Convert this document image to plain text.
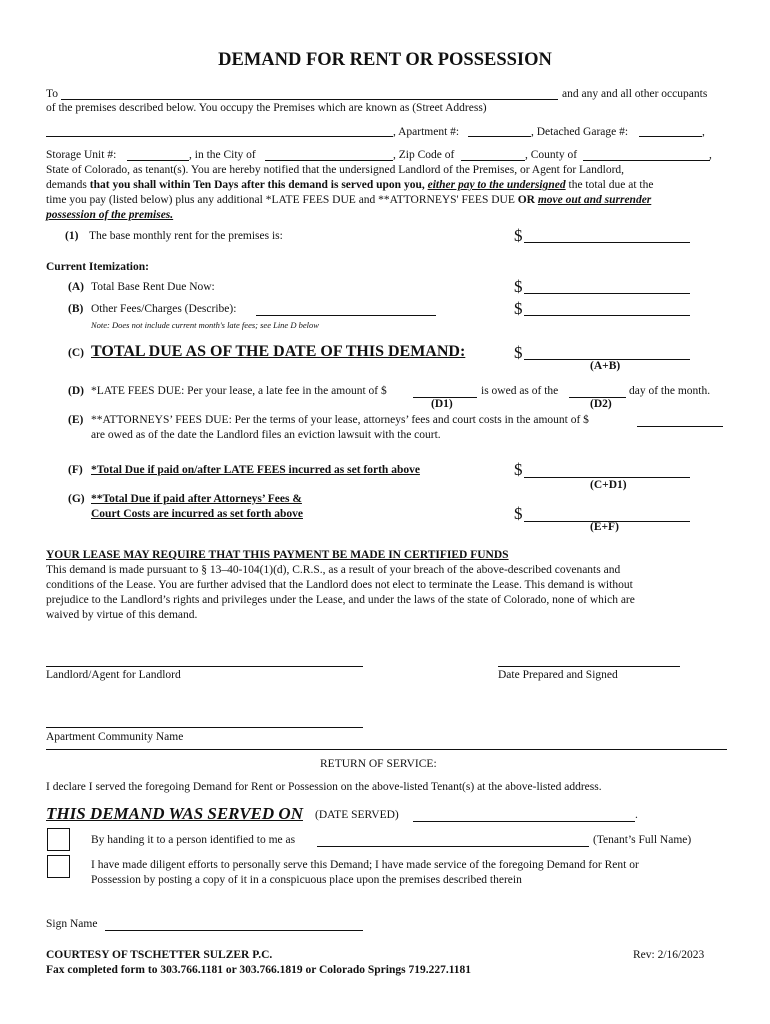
DEMAND FOR RENT OR POSSESSION
To	and any and all other occupants
of the premises described below. You occupy the Premises which are known as (Street Address)
, Apartment #:	, Detached Garage #:	,
Storage Unit #:	, in the City of	, Zip Code of	, County of	,
State of Colorado, as tenant(s). You are hereby notified that the undersigned Landlord of the Premises, or Agent for Landlord,
demands that you shall within Ten Days after this demand is served upon you, either pay to the undersigned the total due at the
time you pay (listed below) plus any additional *LATE FEES DUE and **ATTORNEYS' FEES DUE OR move out and surrender
possession of the premises.
(1) The base monthly rent for the premises is:	$
Current Itemization:
(A) Total Base Rent Due Now:	$
(B) Other Fees/Charges (Describe):	$
Note: Does not include current month's late fees; see Line D below
(C) TOTAL DUE AS OF THE DATE OF THIS DEMAND:	$
(A+B)
(D) *LATE FEES DUE: Per your lease, a late fee in the amount of $	is owed as of the	day of the month.
(D1)	(D2)
(E) **ATTORNEYS’ FEES DUE: Per the terms of your lease, attorneys’ fees and court costs in the amount of $
are owed as of the date the Landlord files an eviction lawsuit with the court.
(F) *Total Due if paid on/after LATE FEES incurred as set forth above	$
(C+D1)
(G) **Total Due if paid after Attorneys’ Fees &
Court Costs are incurred as set forth above	$
(E+F)
YOUR LEASE MAY REQUIRE THAT THIS PAYMENT BE MADE IN CERTIFIED FUNDS
This demand is made pursuant to § 13–40-104(1)(d), C.R.S., as a result of your breach of the above-described covenants and
conditions of the Lease. You are further advised that the Landlord does not elect to terminate the Lease. This demand is without
prejudice to the Landlord’s rights and privileges under the Lease, and under the laws of the state of Colorado, none of which are
waived by virtue of this demand.
Landlord/Agent for Landlord	Date Prepared and Signed
Apartment Community Name
RETURN OF SERVICE:
I declare I served the foregoing Demand for Rent or Possession on the above-listed Tenant(s) at the above-listed address.
THIS DEMAND WAS SERVED ON (DATE SERVED)	.
By handing it to a person identified to me as	(Tenant’s Full Name)
I have made diligent efforts to personally serve this Demand; I have made service of the foregoing Demand for Rent or
Possession by posting a copy of it in a conspicuous place upon the premises described therein
Sign Name
COURTESY OF TSCHETTER SULZER P.C.
Fax completed form to 303.766.1181 or 303.766.1819 or Colorado Springs 719.227.1181
Rev: 2/16/2023
